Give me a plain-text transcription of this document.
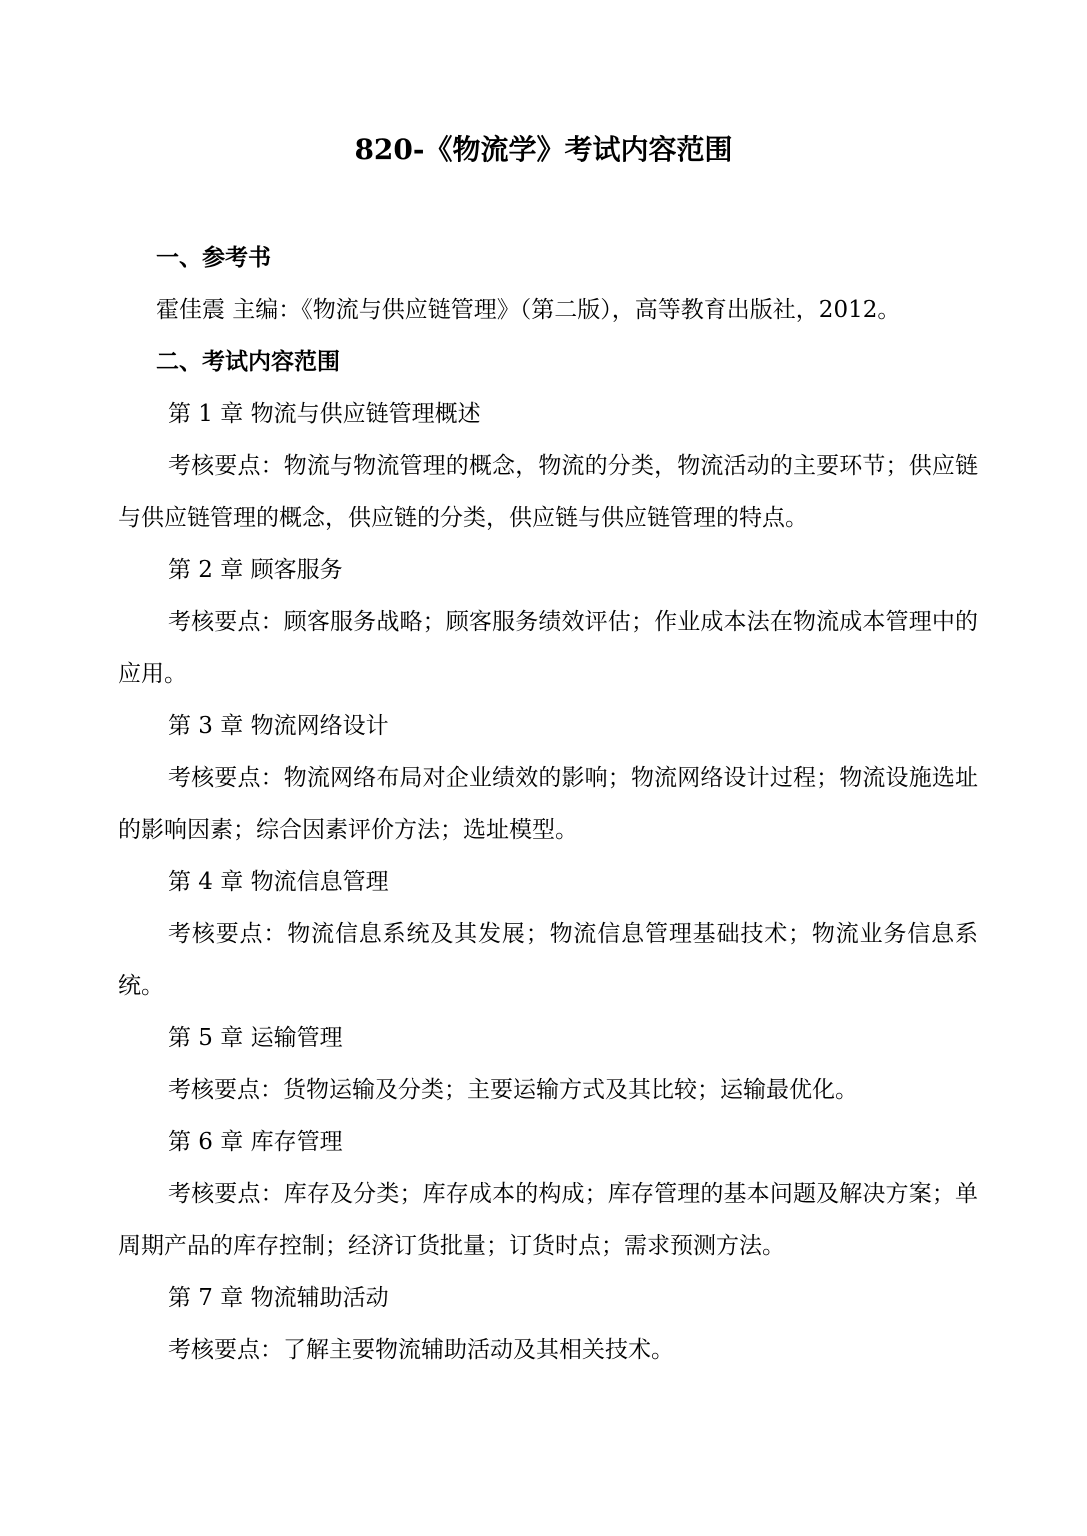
820-《物流学》考试内容范围
一、参考书
霍佳震 主编：《物流与供应链管理》（第二版），高等教育出版社，2012。
二、考试内容范围
第 1 章 物流与供应链管理概述
考核要点：物流与物流管理的概念，物流的分类，物流活动的主要环节；供应链与供应链管理的概念，供应链的分类，供应链与供应链管理的特点。
第 2 章 顾客服务
考核要点：顾客服务战略；顾客服务绩效评估；作业成本法在物流成本管理中的应用。
第 3 章 物流网络设计
考核要点：物流网络布局对企业绩效的影响；物流网络设计过程；物流设施选址的影响因素；综合因素评价方法；选址模型。
第 4 章 物流信息管理
考核要点：物流信息系统及其发展；物流信息管理基础技术；物流业务信息系统。
第 5 章 运输管理
考核要点：货物运输及分类；主要运输方式及其比较；运输最优化。
第 6 章 库存管理
考核要点：库存及分类；库存成本的构成；库存管理的基本问题及解决方案；单周期产品的库存控制；经济订货批量；订货时点；需求预测方法。
第 7 章 物流辅助活动
考核要点：了解主要物流辅助活动及其相关技术。
